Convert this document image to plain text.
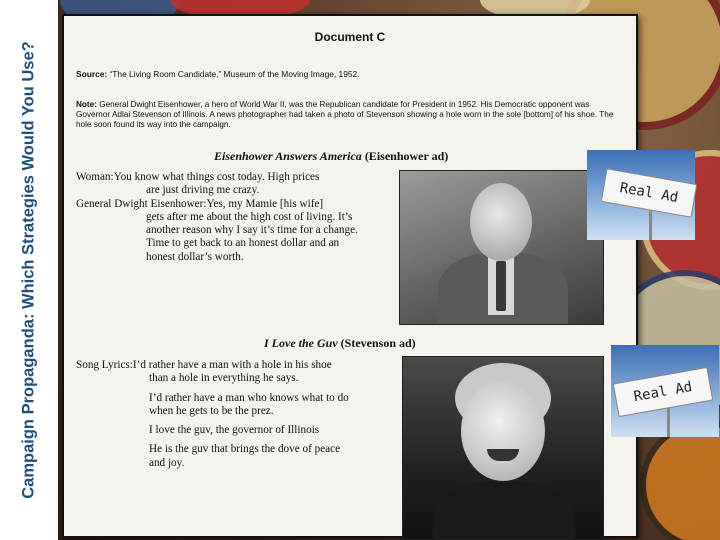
Campaign Propaganda: Which Strategies Would You Use?
Document C
Source: “The Living Room Candidate,” Museum of the Moving Image, 1952.
Note: General Dwight Eisenhower, a hero of World War II, was the Republican candidate for President in 1952. His Democratic opponent was Governor Adlai Stevenson of Illinois. A news photographer had taken a photo of Stevenson showing a hole worn in the sole [bottom] of his shoe. The hole soon found its way into the campaign.
Eisenhower Answers America (Eisenhower ad)
Woman: You know what things cost today. High prices
are just driving me crazy.
General Dwight Eisenhower: Yes, my Mamie [his wife]
gets after me about the high cost of living. It’s
another reason why I say it’s time for a change.
Time to get back to an honest dollar and an
honest dollar’s worth.
I Love the Guv (Stevenson ad)
Song Lyrics: I’d rather have a man with a hole in his shoe
than a hole in everything he says.
I’d rather have a man who knows what to do
when he gets to be the prez.
I love the guv, the governor of Illinois
He is the guv that brings the dove of peace
and joy.
Real Ad
Real Ad
